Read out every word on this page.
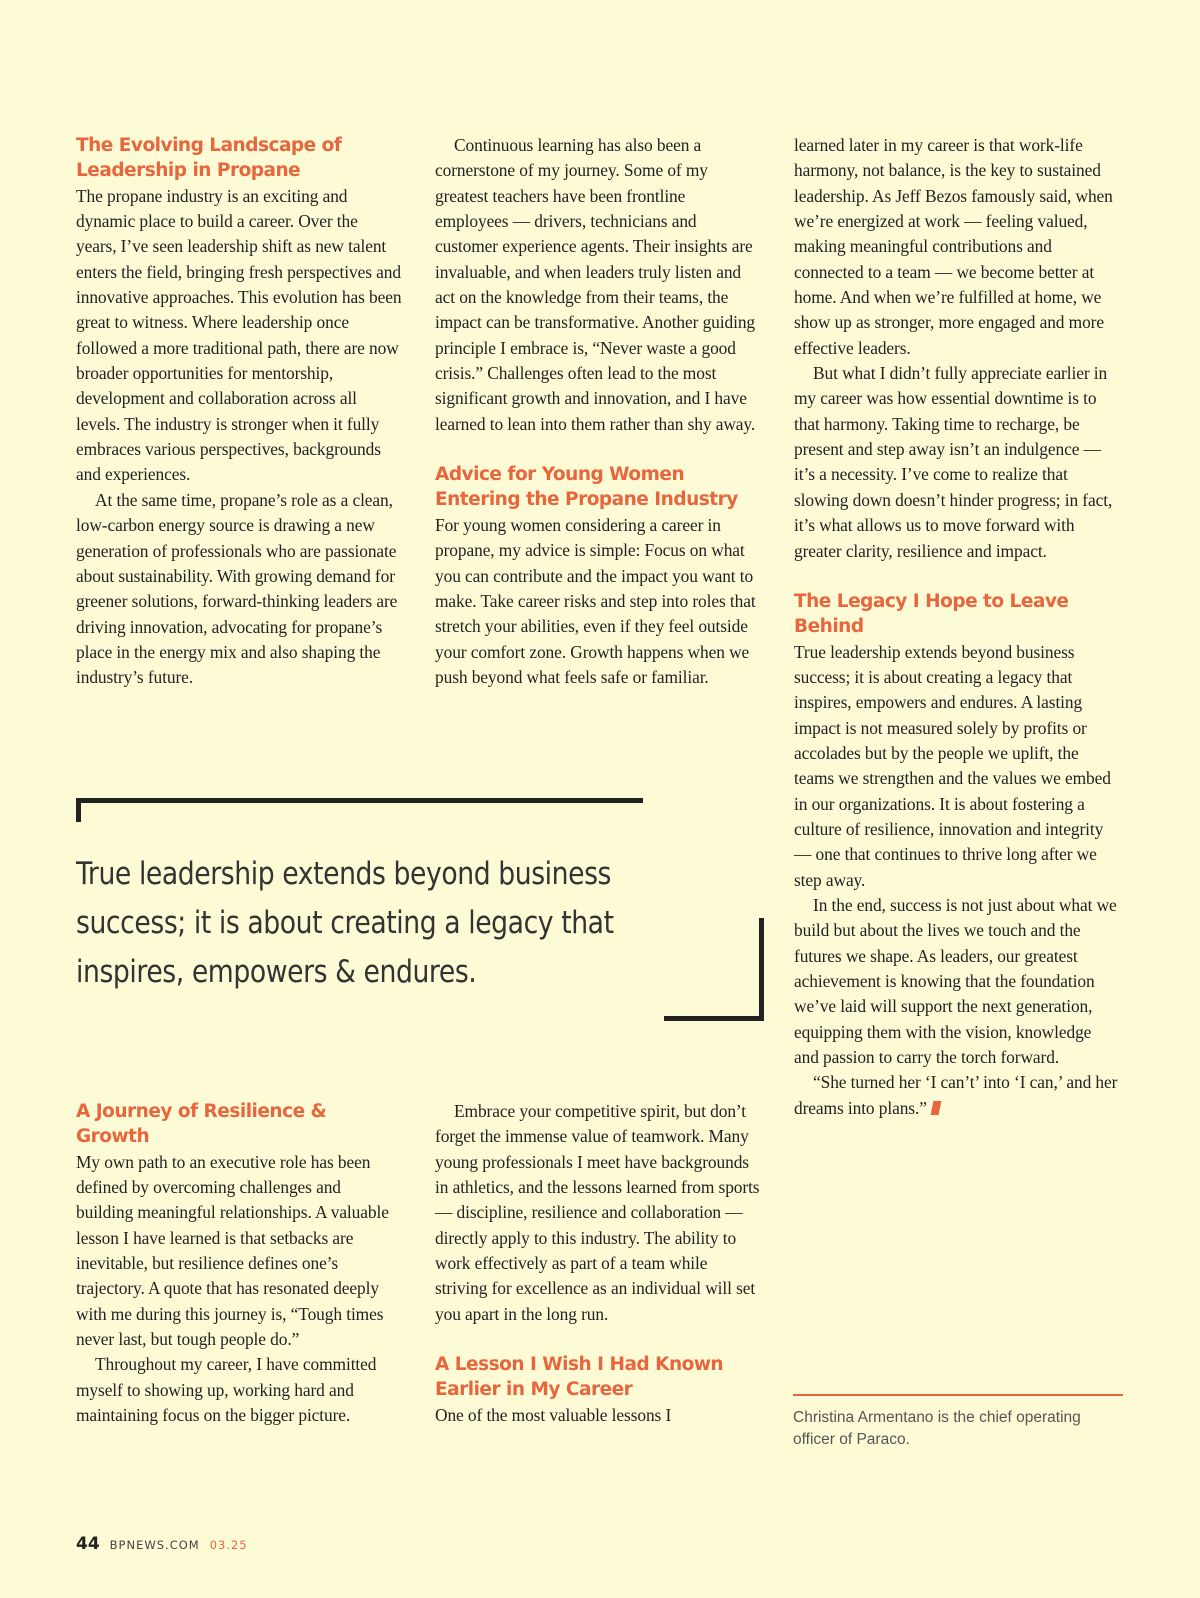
The Evolving Landscape of Leadership in Propane

The propane industry is an exciting and dynamic place to build a career. Over the years, I’ve seen leadership shift as new talent enters the field, bringing fresh perspectives and innovative approaches. This evolution has been great to witness. Where leadership once followed a more traditional path, there are now broader opportunities for mentorship, development and collaboration across all levels. The industry is stronger when it fully embraces various perspectives, backgrounds and experiences.

At the same time, propane’s role as a clean, low-carbon energy source is drawing a new generation of professionals who are passionate about sustainability. With growing demand for greener solutions, forward-thinking leaders are driving innovation, advocating for propane’s place in the energy mix and also shaping the industry’s future.

Continuous learning has also been a cornerstone of my journey. Some of my greatest teachers have been frontline employees — drivers, technicians and customer experience agents. Their insights are invaluable, and when leaders truly listen and act on the knowledge from their teams, the impact can be transformative. Another guiding principle I embrace is, “Never waste a good crisis.” Challenges often lead to the most significant growth and innovation, and I have learned to lean into them rather than shy away.

Advice for Young Women Entering the Propane Industry

For young women considering a career in propane, my advice is simple: Focus on what you can contribute and the impact you want to make. Take career risks and step into roles that stretch your abilities, even if they feel outside your comfort zone. Growth happens when we push beyond what feels safe or familiar.

learned later in my career is that work-life harmony, not balance, is the key to sustained leadership. As Jeff Bezos famously said, when we’re energized at work — feeling valued, making meaningful contributions and connected to a team — we become better at home. And when we’re fulfilled at home, we show up as stronger, more engaged and more effective leaders.

But what I didn’t fully appreciate earlier in my career was how essential downtime is to that harmony. Taking time to recharge, be present and step away isn’t an indulgence — it’s a necessity. I’ve come to realize that slowing down doesn’t hinder progress; in fact, it’s what allows us to move forward with greater clarity, resilience and impact.

The Legacy I Hope to Leave Behind

True leadership extends beyond business success; it is about creating a legacy that inspires, empowers and endures. A lasting impact is not measured solely by profits or accolades but by the people we uplift, the teams we strengthen and the values we embed in our organizations. It is about fostering a culture of resilience, innovation and integrity — one that continues to thrive long after we step away.

In the end, success is not just about what we build but about the lives we touch and the futures we shape. As leaders, our greatest achievement is knowing that the foundation we’ve laid will support the next generation, equipping them with the vision, knowledge and passion to carry the torch forward.

“She turned her ‘I can’t’ into ‘I can,’ and her dreams into plans.”

True leadership extends beyond business success; it is about creating a legacy that inspires, empowers & endures.
A Journey of Resilience & Growth

My own path to an executive role has been defined by overcoming challenges and building meaningful relationships. A valuable lesson I have learned is that setbacks are inevitable, but resilience defines one’s trajectory. A quote that has resonated deeply with me during this journey is, “Tough times never last, but tough people do.”

Throughout my career, I have committed myself to showing up, working hard and maintaining focus on the bigger picture.

Embrace your competitive spirit, but don’t forget the immense value of teamwork. Many young professionals I meet have backgrounds in athletics, and the lessons learned from sports — discipline, resilience and collaboration — directly apply to this industry. The ability to work effectively as part of a team while striving for excellence as an individual will set you apart in the long run.

A Lesson I Wish I Had Known Earlier in My Career

One of the most valuable lessons I	Christina Armentano is the chief operating officer of Paraco.
44 BPNEWS.COM 03.25
